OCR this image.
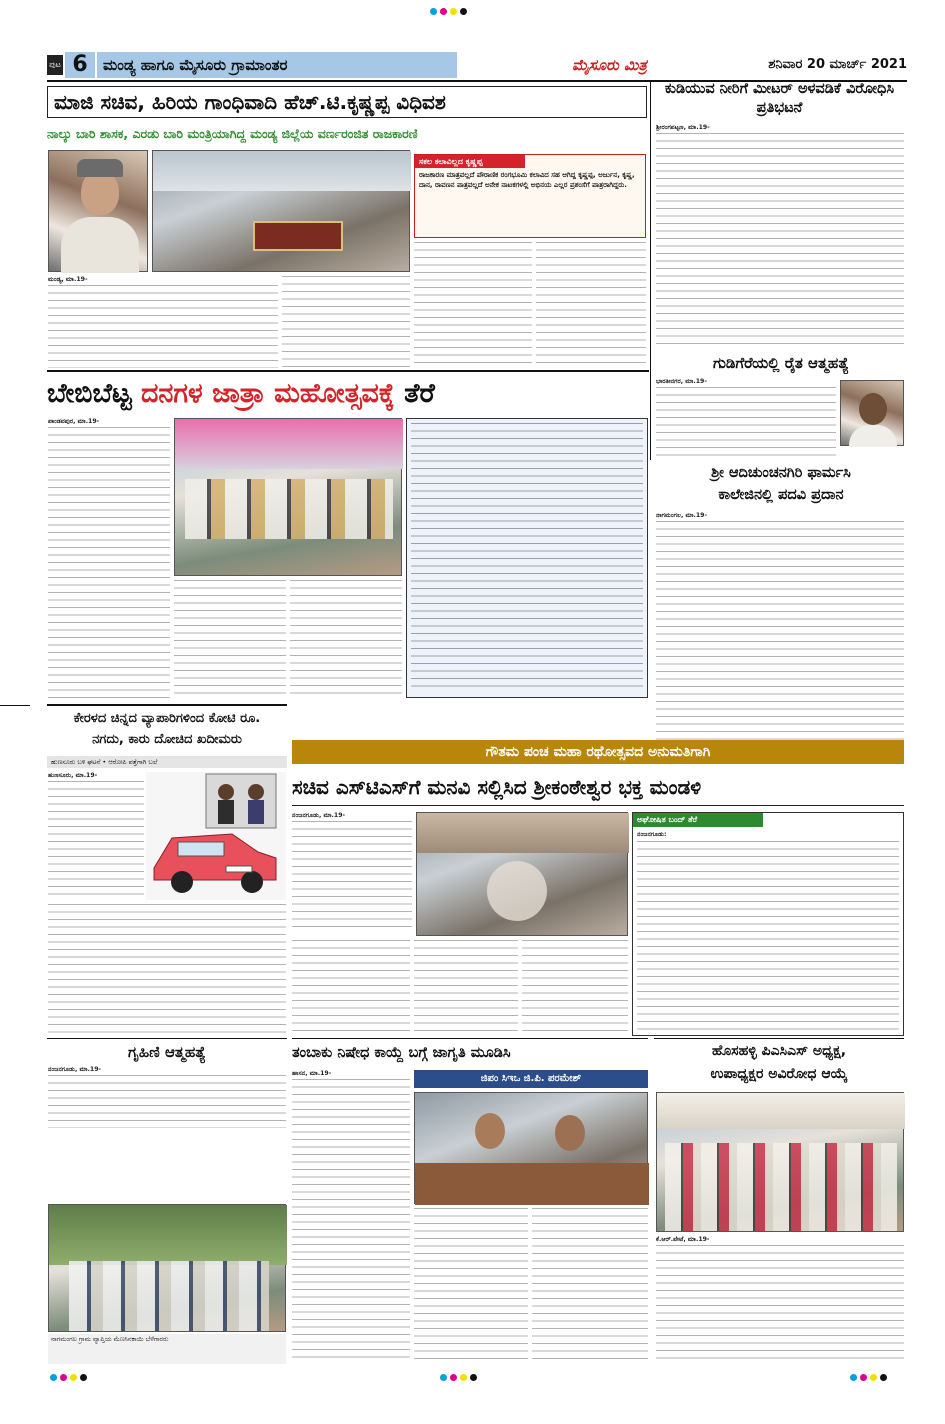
ಪುಟ 6	ಮಂಡ್ಯ ಹಾಗೂ ಮೈಸೂರು ಗ್ರಾಮಾಂತರ	ಮೈಸೂರು ಮಿತ್ರ	ಶನಿವಾರ 20 ಮಾರ್ಚ್ 2021
ಮಾಜಿ ಸಚಿವ, ಹಿರಿಯ ಗಾಂಧಿವಾದಿ ಹೆಚ್.ಟಿ.ಕೃಷ್ಣಪ್ಪ ವಿಧಿವಶ
ನಾಲ್ಕು ಬಾರಿ ಶಾಸಕ, ಎರಡು ಬಾರಿ ಮಂತ್ರಿಯಾಗಿದ್ದ ಮಂಡ್ಯ ಜಿಲ್ಲೆಯ ವರ್ಣರಂಜಿತ ರಾಜಕಾರಣಿ
ಸಕಲ ಕಲಾವಿಲ್ಲದ ಕೃಷ್ಣಪ್ಪ
ರಾಜಕಾರಣ ಮಾತ್ರವಲ್ಲದೆ ಪೌರಾಣಿಕ ರಂಗಭೂಮಿ ಕಲಾವಿದ ಸಹ ಆಗಿದ್ದ ಕೃಷ್ಣಪ್ಪ, ಅರ್ಜುನ, ಕೃಷ್ಣ, ದಾನ, ರಾವಣನ ಪಾತ್ರವಲ್ಲದೆ ಅನೇಕ ನಾಟಕಗಳಲ್ಲಿ ಅಭಿನಯ ಎಲ್ಲರ ಪ್ರಶಂಸೆಗೆ ಪಾತ್ರರಾಗಿದ್ದರು.
ಮಂಡ್ಯ, ಮಾ.19-
ಕುಡಿಯುವ ನೀರಿಗೆ ಮೀಟರ್ ಅಳವಡಿಕೆ ವಿರೋಧಿಸಿ ಪ್ರತಿಭಟನೆ
ಶ್ರೀರಂಗಪಟ್ಟಣ, ಮಾ.19-
ಗುಡಿಗೆರೆಯಲ್ಲಿ ರೈತ ಆತ್ಮಹತ್ಯೆ
ಭಾರತೀನಗರ, ಮಾ.19-
ಬೇಬಿಬೆಟ್ಟ ದನಗಳ ಜಾತ್ರಾ ಮಹೋತ್ಸವಕ್ಕೆ ತೆರೆ
ಪಾಂಡವಪುರ, ಮಾ.19-
ಶ್ರೀ ಆದಿಚುಂಚನಗಿರಿ ಫಾರ್ಮಸಿ
ಕಾಲೇಜಿನಲ್ಲಿ ಪದವಿ ಪ್ರದಾನ
ನಾಗಮಂಗಲ, ಮಾ.19-
ಕೇರಳದ ಚಿನ್ನದ ವ್ಯಾಪಾರಿಗಳಿಂದ ಕೋಟಿ ರೂ.
ನಗದು, ಕಾರು ದೋಚಿದ ಖದೀಮರು
ಹುಣಸೂರು ಬಳಿ ಘಟನೆ • ಆರೋಪಿ ಪತ್ತೆಗಾಗಿ ಬಲೆ
ಹುಣಸೂರು, ಮಾ.19-
ಗೌತಮ ಪಂಚ ಮಹಾ ರಥೋತ್ಸವದ ಅನುಮತಿಗಾಗಿ
ಸಚಿವ ಎಸ್‌ಟಿಎಸ್‌ಗೆ ಮನವಿ ಸಲ್ಲಿಸಿದ ಶ್ರೀಕಂಠೇಶ್ವರ ಭಕ್ತ ಮಂಡಳಿ
ನಂಜನಗೂಡು, ಮಾ.19-	ಅಘೋಷಿತ ಬಂದ್ ತೆರೆ
ನಂಜನಗೂಡು:
ಗೃಹಿಣಿ ಆತ್ಮಹತ್ಯೆ
ನಂಜನಗೂಡು, ಮಾ.19-
ನಾಗಮಂಗಲ ಗ್ರಾಮ ವ್ಯಾಪ್ತಿಯ ಮೆಣಸಿನಕಾಯಿ ಬೆಳೆಗಾರರು
ತಂಬಾಕು ನಿಷೇಧ ಕಾಯ್ದೆ ಬಗ್ಗೆ ಜಾಗೃತಿ ಮೂಡಿಸಿ
ಹಾಸನ, ಮಾ.19-	ಜಿಪಂ ಸಿಇಒ ಜಿ.ಪಿ. ಪರಮೇಶ್
ಹೊಸಹಳ್ಳಿ ಪಿಎಸಿಎಸ್ ಅಧ್ಯಕ್ಷ,
ಉಪಾಧ್ಯಕ್ಷರ ಅವಿರೋಧ ಆಯ್ಕೆ
ಕೆ.ಆರ್.ಪೇಟೆ, ಮಾ.19-
